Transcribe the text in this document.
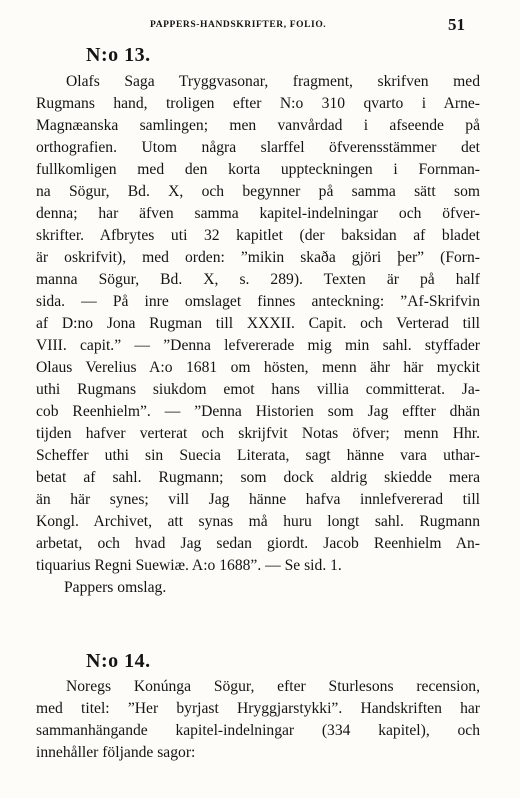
PAPPERS-HANDSKRIFTER, FOLIO.	51
N:o 13.
Olafs Saga Tryggvasonar, fragment, skrifven med
Rugmans hand, troligen efter N:o 310 qvarto i Arne-
Magnæanska samlingen; men vanvårdad i afseende på
orthografien. Utom några slarffel öfverensstämmer det
fullkomligen med den korta uppteckningen i Fornman-
na Sögur, Bd. X, och begynner på samma sätt som
denna; har äfven samma kapitel-indelningar och öfver-
skrifter. Afbrytes uti 32 kapitlet (der baksidan af bladet
är oskrifvit), med orden: ”mikin skaða gjöri þer” (Forn-
manna Sögur, Bd. X, s. 289). Texten är på half
sida. — På inre omslaget finnes anteckning: ”Af-Skrifvin
af D:no Jona Rugman till XXXII. Capit. och Verterad till
VIII. capit.” — ”Denna lefvererade mig min sahl. styffader
Olaus Verelius A:o 1681 om hösten, menn ähr här myckit
uthi Rugmans siukdom emot hans villia committerat. Ja-
cob Reenhielm”. — ”Denna Historien som Jag effter dhän
tijden hafver verterat och skrijfvit Notas öfver; menn Hhr.
Scheffer uthi sin Suecia Literata, sagt hänne vara uthar-
betat af sahl. Rugmann; som dock aldrig skiedde mera
än här synes; vill Jag hänne hafva innlefvererad till
Kongl. Archivet, att synas må huru longt sahl. Rugmann
arbetat, och hvad Jag sedan giordt. Jacob Reenhielm An-
tiquarius Regni Suewiæ. A:o 1688”. — Se sid. 1.
Pappers omslag.
N:o 14.
Noregs Konúnga Sögur, efter Sturlesons recension,
med titel: ”Her byrjast Hryggjarstykki”. Handskriften har
sammanhängande kapitel-indelningar (334 kapitel), och
innehåller följande sagor:
